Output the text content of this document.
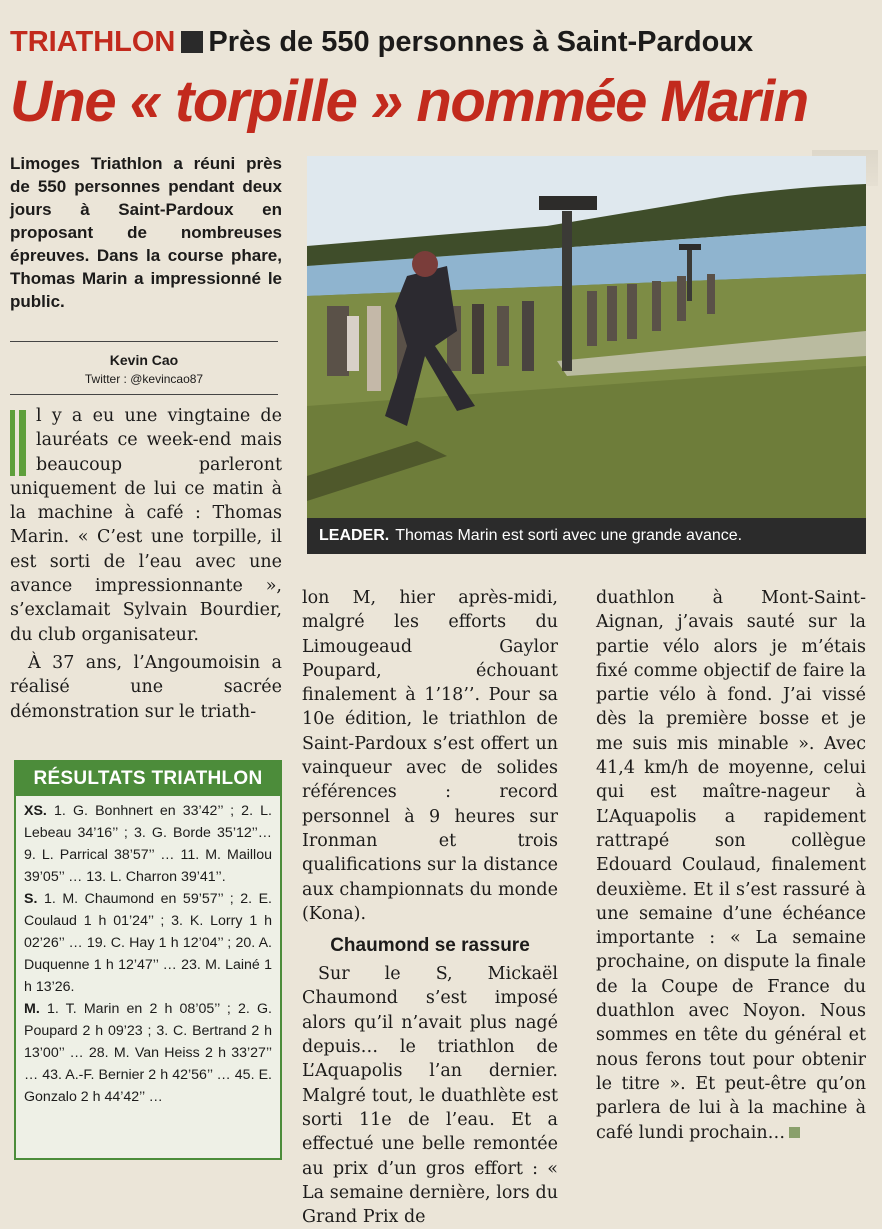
TRIATHLON Près de 550 personnes à Saint-Pardoux
Une « torpille » nommée Marin
Limoges Triathlon a réuni près de 550 personnes pendant deux jours à Saint-Pardoux en proposant de nombreuses épreuves. Dans la course phare, Thomas Marin a impressionné le public.
Kevin Cao
Twitter : @kevincao87
LEADER. Thomas Marin est sorti avec une grande avance.

l y a eu une vingtaine de lauréats ce week-end mais beaucoup parleront uniquement de lui ce matin à la machine à café : Thomas Marin. « C’est une torpille, il est sorti de l’eau avec une avance impressionnante », s’exclamait Sylvain Bourdier, du club organisateur.

À 37 ans, l’Angoumoisin a réalisé une sacrée démonstration sur le triath-

lon M, hier après-midi, malgré les efforts du Limougeaud Gaylor Poupard, échouant finalement à 1’18’’. Pour sa 10e édition, le triathlon de Saint-Pardoux s’est offert un vainqueur avec de solides références : record personnel à 9 heures sur Ironman et trois qualifications sur la distance aux championnats du monde (Kona).

Chaumond se rassure

Sur le S, Mickaël Chaumond s’est imposé alors qu’il n’avait plus nagé depuis… le triathlon de L’Aquapolis l’an dernier. Malgré tout, le duathlète est sorti 11e de l’eau. Et a effectué une belle remontée au prix d’un gros effort : « La semaine dernière, lors du Grand Prix de

duathlon à Mont-Saint-Aignan, j’avais sauté sur la partie vélo alors je m’étais fixé comme objectif de faire la partie vélo à fond. J’ai vissé dès la première bosse et je me suis mis minable ». Avec 41,4 km/h de moyenne, celui qui est maître-nageur à L’Aquapolis a rapidement rattrapé son collègue Edouard Coulaud, finalement deuxième. Et il s’est rassuré à une semaine d’une échéance importante : « La semaine prochaine, on dispute la finale de la Coupe de France du duathlon avec Noyon. Nous sommes en tête du général et nous ferons tout pour obtenir le titre ». Et peut-être qu’on parlera de lui à la machine à café lundi prochain…

RÉSULTATS TRIATHLON

XS. 1. G. Bonhnert en 33’42’’ ; 2. L. Lebeau 34’16’’ ; 3. G. Borde 35’12’’… 9. L. Parrical 38’57’’ … 11. M. Maillou 39’05’’ … 13. L. Charron 39’41’’.

S. 1. M. Chaumond en 59’57’’ ; 2. E. Coulaud 1 h 01’24’’ ; 3. K. Lorry 1 h 02’26’’ … 19. C. Hay 1 h 12’04’’ ; 20. A. Duquenne 1 h 12’47’’ … 23. M. Lainé 1 h 13’26.

M. 1. T. Marin en 2 h 08’05’’ ; 2. G. Poupard 2 h 09’23 ; 3. C. Bertrand 2 h 13’00’’ … 28. M. Van Heiss 2 h 33’27’’ … 43. A.-F. Bernier 2 h 42’56’’ … 45. E. Gonzalo 2 h 44’42’’ …
